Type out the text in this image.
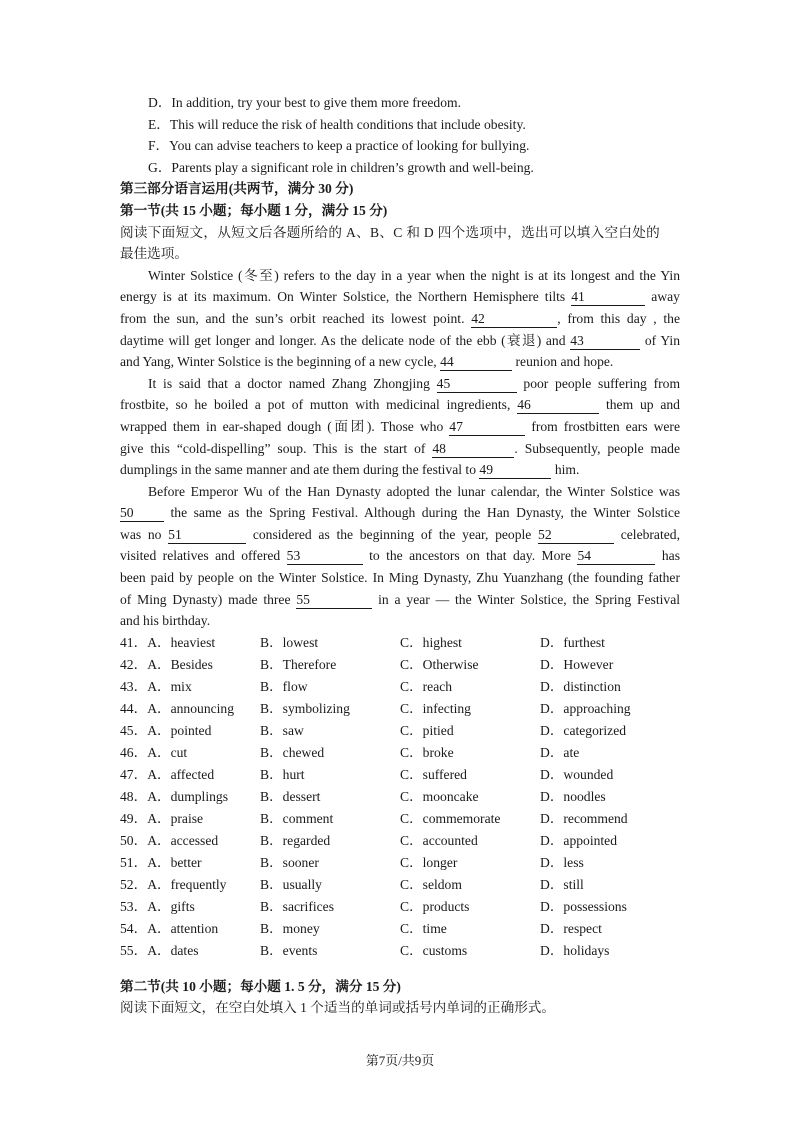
D．In addition, try your best to give them more freedom.
E．This will reduce the risk of health conditions that include obesity.
F．You can advise teachers to keep a practice of looking for bullying.
G．Parents play a significant role in children’s growth and well-being.
第三部分语言运用(共两节，满分 30 分)
第一节(共 15 小题；每小题 1 分，满分 15 分)
阅读下面短文，从短文后各题所给的 A、B、C 和 D 四个选项中，选出可以填入空白处的
最佳选项。
Winter Solstice (冬至) refers to the day in a year when the night is at its longest and the Yin
energy is at its maximum. On Winter Solstice, the Northern Hemisphere tilts 41	away
from the sun, and the sun’s orbit reached its lowest point. 42	, from this day , the
daytime will get longer and longer. As the delicate node of the ebb (衰退) and 43	of Yin
and Yang, Winter Solstice is the beginning of a new cycle, 44	reunion and hope.
It is said that a doctor named Zhang Zhongjing 45	poor people suffering from
frostbite, so he boiled a pot of mutton with medicinal ingredients, 46	them up and
wrapped them in ear-shaped dough (面团). Those who 47	from frostbitten ears were
give this “cold-dispelling” soup. This is the start of 48	. Subsequently, people made
dumplings in the same manner and ate them during the festival to 49	him.
Before Emperor Wu of the Han Dynasty adopted the lunar calendar, the Winter Solstice was
50	the same as the Spring Festival. Although during the Han Dynasty, the Winter Solstice
was no 51	considered as the beginning of the year, people 52	celebrated,
visited relatives and offered 53	to the ancestors on that day. More 54	has
been paid by people on the Winter Solstice. In Ming Dynasty, Zhu Yuanzhang (the founding father
of Ming Dynasty) made three 55	in a year — the Winter Solstice, the Spring Festival
and his birthday.
41．A．heaviest	B．lowest	C．highest	D．furthest
42．A．Besides	B．Therefore	C．Otherwise	D．However
43．A．mix	B．flow	C．reach	D．distinction
44．A．announcing	B．symbolizing	C．infecting	D．approaching
45．A．pointed	B．saw	C．pitied	D．categorized
46．A．cut	B．chewed	C．broke	D．ate
47．A．affected	B．hurt	C．suffered	D．wounded
48．A．dumplings	B．dessert	C．mooncake	D．noodles
49．A．praise	B．comment	C．commemorate	D．recommend
50．A．accessed	B．regarded	C．accounted	D．appointed
51．A．better	B．sooner	C．longer	D．less
52．A．frequently	B．usually	C．seldom	D．still
53．A．gifts	B．sacrifices	C．products	D．possessions
54．A．attention	B．money	C．time	D．respect
55．A．dates	B．events	C．customs	D．holidays
第二节(共 10 小题；每小题 1. 5 分，满分 15 分)
阅读下面短文，在空白处填入 1 个适当的单词或括号内单词的正确形式。
第7页/共9页
